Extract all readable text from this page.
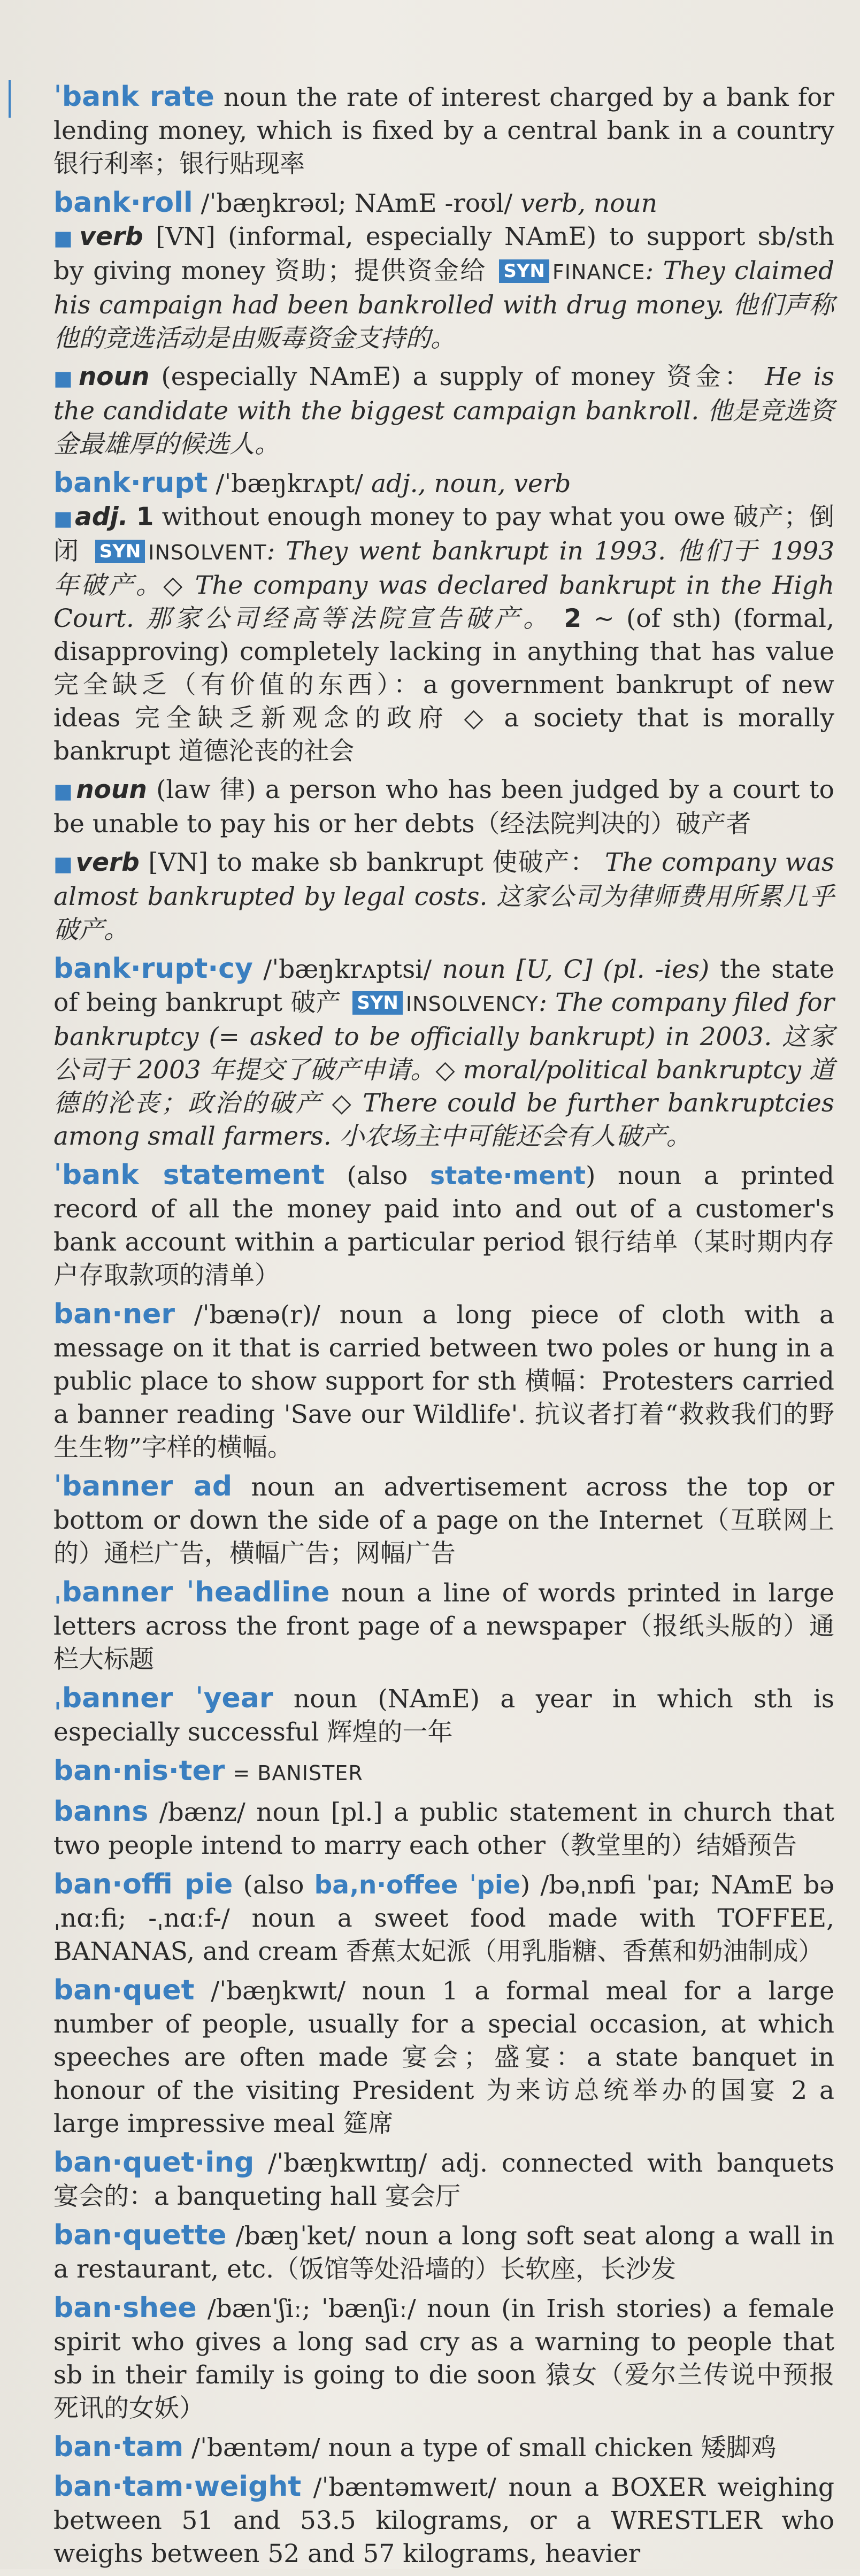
ˈbank rate noun the rate of interest charged by a bank for lending money, which is fixed by a central bank in a country 银行利率；银行贴现率

bank·roll /ˈbæŋkrəʊl; NAmE -roʊl/ verb, noun
■verb [VN] (informal, especially NAmE) to support sb/sth by giving money 资助；提供资金给 SYN FINANCE: They claimed his campaign had been bankrolled with drug money. 他们声称他的竞选活动是由贩毒资金支持的。
■noun (especially NAmE) a supply of money 资金： He is the candidate with the biggest campaign bankroll. 他是竞选资金最雄厚的候选人。
bank·rupt /ˈbæŋkrʌpt/ adj., noun, verb
■adj. 1 without enough money to pay what you owe 破产；倒闭 SYN INSOLVENT: They went bankrupt in 1993. 他们于 1993 年破产。◇ The company was declared bankrupt in the High Court. 那家公司经高等法院宣告破产。 2 ~ (of sth) (formal, disapproving) completely lacking in anything that has value 完全缺乏（有价值的东西）：a government bankrupt of new ideas 完全缺乏新观念的政府 ◇ a society that is morally bankrupt 道德沦丧的社会
■noun (law 律) a person who has been judged by a court to be unable to pay his or her debts（经法院判决的）破产者
■verb [VN] to make sb bankrupt 使破产： The company was almost bankrupted by legal costs. 这家公司为律师费用所累几乎破产。

bank·rupt·cy /ˈbæŋkrʌptsi/ noun [U, C] (pl. -ies) the state of being bankrupt 破产 SYN INSOLVENCY: The company filed for bankruptcy (= asked to be officially bankrupt) in 2003. 这家公司于 2003 年提交了破产申请。◇ moral/political bankruptcy 道德的沦丧；政治的破产 ◇ There could be further bankruptcies among small farmers. 小农场主中可能还会有人破产。

ˈbank statement (also state·ment) noun a printed record of all the money paid into and out of a customer's bank account within a particular period 银行结单（某时期内存户存取款项的清单）

ban·ner /ˈbænə(r)/ noun a long piece of cloth with a message on it that is carried between two poles or hung in a public place to show support for sth 横幅：Protesters carried a banner reading 'Save our Wildlife'. 抗议者打着“救救我们的野生生物”字样的横幅。

ˈbanner ad noun an advertisement across the top or bottom or down the side of a page on the Internet（互联网上的）通栏广告，横幅广告；网幅广告

ˌbanner ˈheadline noun a line of words printed in large letters across the front page of a newspaper（报纸头版的）通栏大标题

ˌbanner ˈyear noun (NAmE) a year in which sth is especially successful 辉煌的一年

ban·nis·ter = BANISTER

banns /bænz/ noun [pl.] a public statement in church that two people intend to marry each other（教堂里的）结婚预告

ban·offi pie (also ba‚n·offee ˈpie) /bəˌnɒfi ˈpaɪ; NAmE bəˌnɑːfi; -ˌnɑːf-/ noun a sweet food made with TOFFEE, BANANAS, and cream 香蕉太妃派（用乳脂糖、香蕉和奶油制成）

ban·quet /ˈbæŋkwɪt/ noun 1 a formal meal for a large number of people, usually for a special occasion, at which speeches are often made 宴会；盛宴：a state banquet in honour of the visiting President 为来访总统举办的国宴 2 a large impressive meal 筵席

ban·quet·ing /ˈbæŋkwɪtɪŋ/ adj. connected with banquets 宴会的：a banqueting hall 宴会厅

ban·quette /bæŋˈket/ noun a long soft seat along a wall in a restaurant, etc.（饭馆等处沿墙的）长软座，长沙发

ban·shee /bænˈʃiː; ˈbænʃiː/ noun (in Irish stories) a female spirit who gives a long sad cry as a warning to people that sb in their family is going to die soon 猿女（爱尔兰传说中预报死讯的女妖）

ban·tam /ˈbæntəm/ noun a type of small chicken 矮脚鸡

ban·tam·weight /ˈbæntəmweɪt/ noun a BOXER weighing between 51 and 53.5 kilograms, or a WRESTLER who weighs between 52 and 57 kilograms, heavier
